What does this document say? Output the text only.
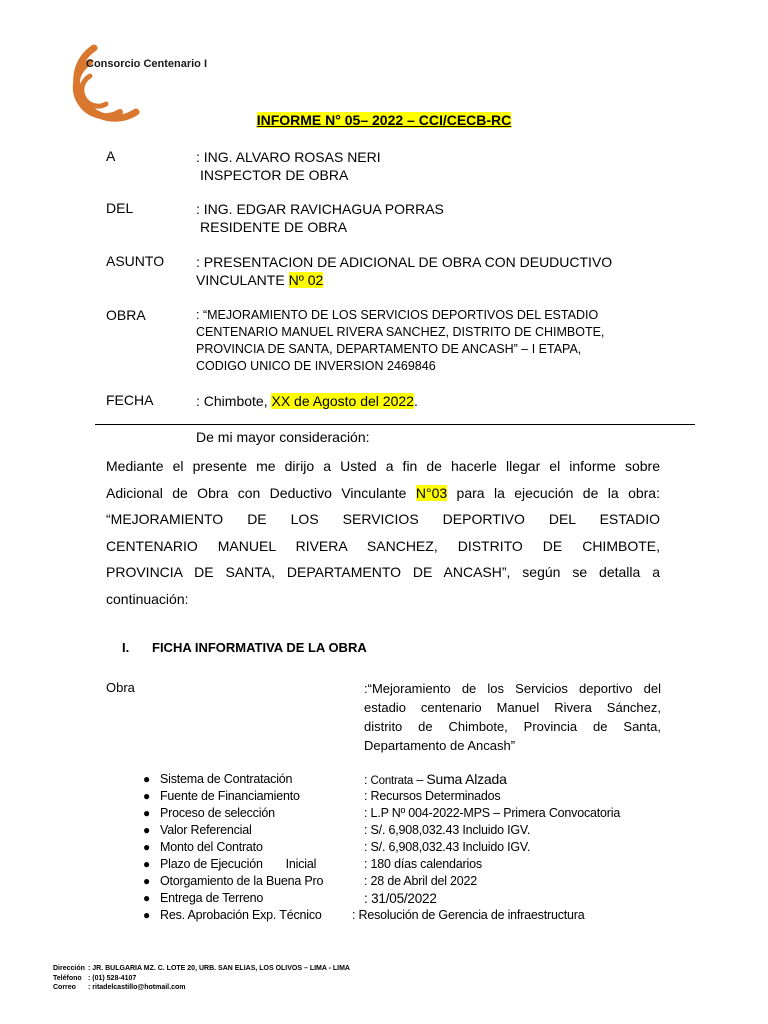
Consorcio Centenario I
INFORME N° 05– 2022 – CCI/CECB-RC
A	: ING. ALVARO ROSAS NERI
INSPECTOR DE OBRA
DEL	: ING. EDGAR RAVICHAGUA PORRAS
RESIDENTE DE OBRA
ASUNTO : PRESENTACION DE ADICIONAL DE OBRA CON DEUDUCTIVO
VINCULANTE Nº 02
OBRA	: “MEJORAMIENTO DE LOS SERVICIOS DEPORTIVOS DEL ESTADIO
CENTENARIO MANUEL RIVERA SANCHEZ, DISTRITO DE CHIMBOTE,
PROVINCIA DE SANTA, DEPARTAMENTO DE ANCASH” – I ETAPA,
CODIGO UNICO DE INVERSION 2469846
FECHA	: Chimbote, XX de Agosto del 2022.
De mi mayor consideración:
Mediante el presente me dirijo a Usted a fin de hacerle llegar el informe sobre
Adicional de Obra con Deductivo Vinculante N°03 para la ejecución de la obra:
“MEJORAMIENTO DE LOS SERVICIOS DEPORTIVO DEL ESTADIO
CENTENARIO MANUEL RIVERA SANCHEZ, DISTRITO DE CHIMBOTE,
PROVINCIA DE SANTA, DEPARTAMENTO DE ANCASH”, según se detalla a
continuación:
I. FICHA INFORMATIVA DE LA OBRA
Obra	:“Mejoramiento de los Servicios deportivo del
estadio centenario Manuel Rivera Sánchez,
distrito de Chimbote, Provincia de Santa,
Departamento de Ancash”
● Sistema de Contratación	: Contrata – Suma Alzada
● Fuente de Financiamiento	: Recursos Determinados
● Proceso de selección	: L.P Nº 004-2022-MPS – Primera Convocatoria
● Valor Referencial	: S/. 6,908,032.43 Incluido IGV.
● Monto del Contrato	: S/. 6,908,032.43 Incluido IGV.
● Plazo de Ejecución       Inicial	: 180 días calendarios
● Otorgamiento de la Buena Pro	: 28 de Abril del 2022
● Entrega de Terreno	: 31/05/2022
● Res. Aprobación Exp. Técnico : Resolución de Gerencia de infraestructura
Dirección : JR. BULGARIA MZ. C. LOTE 20, URB. SAN ELIAS, LOS OLIVOS – LIMA - LIMA
Teléfono : (01) 528-4107
Correo : ritadelcastillo@hotmail.com
